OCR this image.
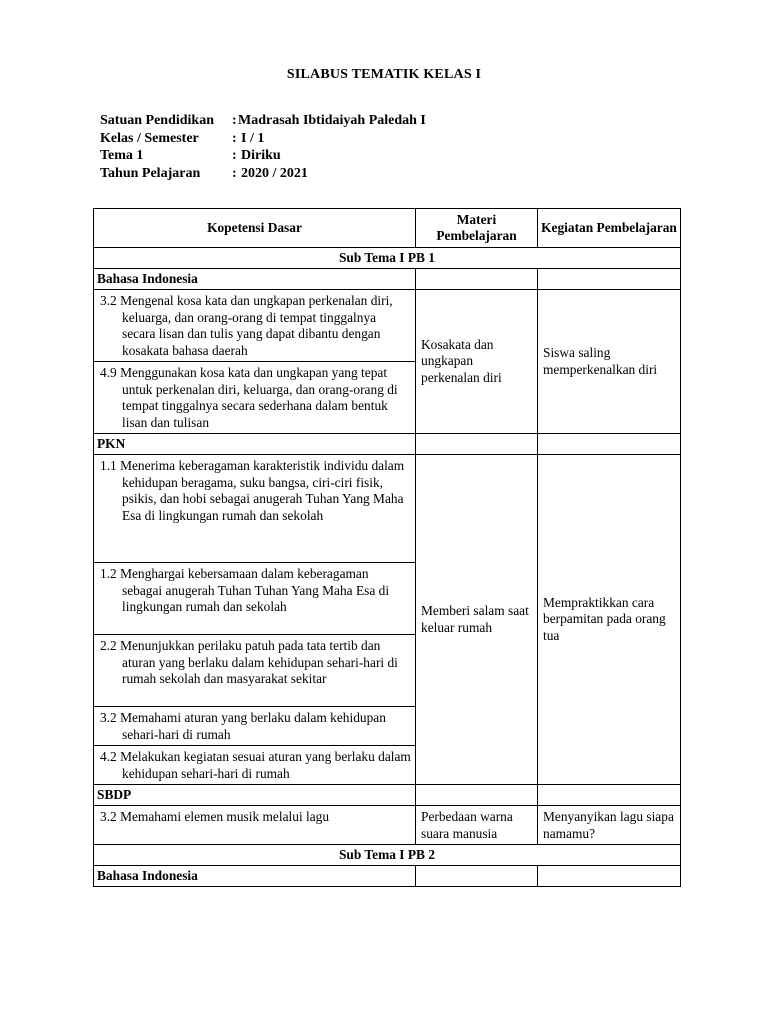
SILABUS TEMATIK KELAS I
Satuan Pendidikan	: Madrasah Ibtidaiyah Paledah I
Kelas / Semester	: I / 1
Tema 1	: Diriku
Tahun Pelajaran	: 2020 / 2021
Kopetensi Dasar	Materi Pembelajaran	Kegiatan Pembelajaran
Sub Tema I PB 1		
Bahasa Indonesia		

3.2 Mengenal kosa kata dan ungkapan perkenalan diri, keluarga, dan orang-orang di tempat tinggalnya secara lisan dan tulis yang dapat dibantu dengan kosakata bahasa daerah	Kosakata dan ungkapan perkenalan diri	Siswa saling memperkenalkan diri

4.9 Menggunakan kosa kata dan ungkapan yang tepat untuk perkenalan diri, keluarga, dan orang-orang di tempat tinggalnya secara sederhana dalam bentuk lisan dan tulisan		

PKN		

1.1 Menerima keberagaman karakteristik individu dalam kehidupan beragama, suku bangsa, ciri-ciri fisik, psikis, dan hobi sebagai anugerah Tuhan Yang Maha Esa di lingkungan rumah dan sekolah	Memberi salam saat keluar rumah	Mempraktikkan cara berpamitan pada orang tua

1.2 Menghargai kebersamaan dalam keberagaman sebagai anugerah Tuhan Tuhan Yang Maha Esa di lingkungan rumah dan sekolah		

2.2 Menunjukkan perilaku patuh pada tata tertib dan aturan yang berlaku dalam kehidupan sehari-hari di rumah sekolah dan masyarakat sekitar		

3.2 Memahami aturan yang berlaku dalam kehidupan sehari-hari di rumah		

4.2 Melakukan kegiatan sesuai aturan yang berlaku dalam kehidupan sehari-hari di rumah		

SBDP		

3.2 Memahami elemen musik melalui lagu	Perbedaan warna suara manusia	Menyanyikan lagu siapa namamu?
Sub Tema I PB 2		
Bahasa Indonesia		
